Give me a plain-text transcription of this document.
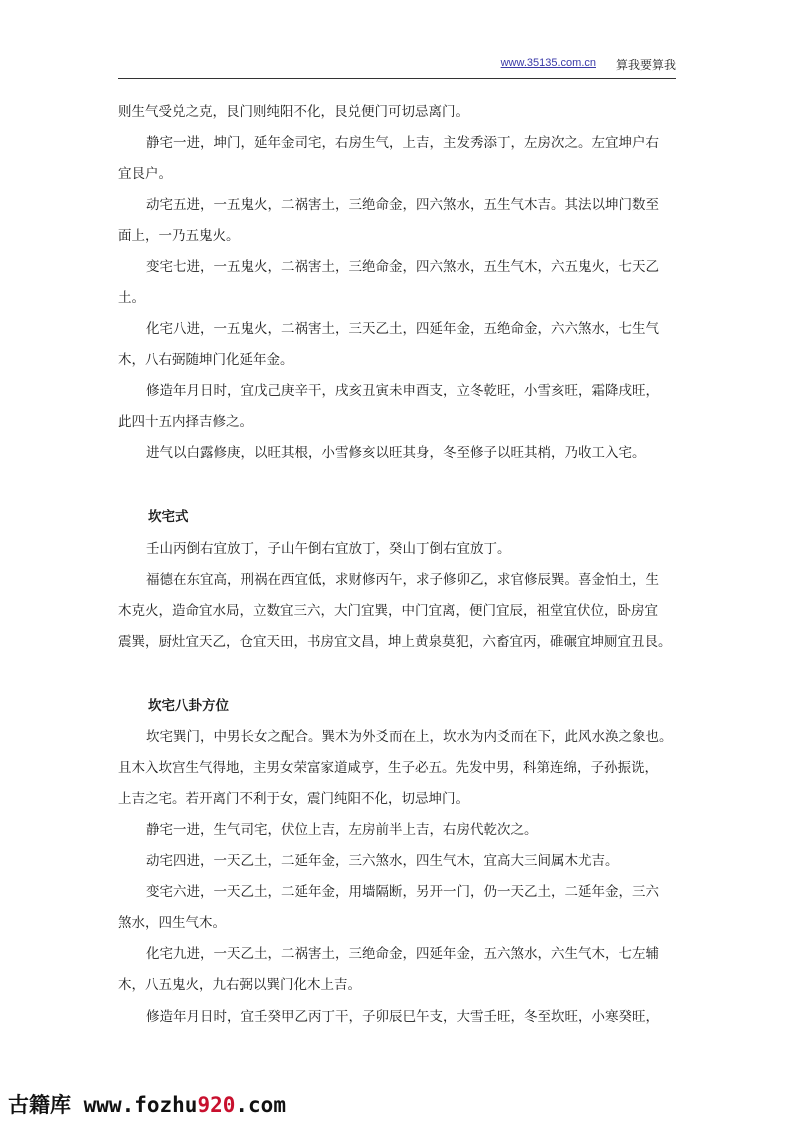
www.35135.com.cn 算我要算我
则生气受兑之克，艮门则纯阳不化，艮兑便门可切忌离门。
静宅一进，坤门，延年金司宅，右房生气，上吉，主发秀添丁，左房次之。左宜坤户右
宜艮户。
动宅五进，一五鬼火，二祸害土，三绝命金，四六煞水，五生气木吉。其法以坤门数至
面上，一乃五鬼火。
变宅七进，一五鬼火，二祸害土，三绝命金，四六煞水，五生气木，六五鬼火，七天乙
土。
化宅八进，一五鬼火，二祸害土，三天乙土，四延年金，五绝命金，六六煞水，七生气
木，八右弼随坤门化延年金。
修造年月日时，宜戊己庚辛干，戌亥丑寅未申酉支，立冬乾旺，小雪亥旺，霜降戌旺，
此四十五内择吉修之。
进气以白露修庚，以旺其根，小雪修亥以旺其身，冬至修子以旺其梢，乃收工入宅。
坎宅式
壬山丙倒右宜放丁，子山午倒右宜放丁，癸山丁倒右宜放丁。
福德在东宜高，刑祸在西宜低，求财修丙午，求子修卯乙，求官修辰巽。喜金怕土，生
木克火，造命宜水局，立数宜三六，大门宜巽，中门宜离，便门宜辰，祖堂宜伏位，卧房宜
震巽，厨灶宜天乙，仓宜天田，书房宜文昌，坤上黄泉莫犯，六畜宜丙，碓碾宜坤厕宜丑艮。
坎宅八卦方位
坎宅巽门，中男长女之配合。巽木为外爻而在上，坎水为内爻而在下，此风水涣之象也。
且木入坎宫生气得地，主男女荣富家道咸亨，生子必五。先发中男，科第连绵，子孙振诜，
上吉之宅。若开离门不利于女，震门纯阳不化，切忌坤门。
静宅一进，生气司宅，伏位上吉，左房前半上吉，右房代乾次之。
动宅四进，一天乙土，二延年金，三六煞水，四生气木，宜高大三间属木尤吉。
变宅六进，一天乙土，二延年金，用墙隔断，另开一门，仍一天乙土，二延年金，三六
煞水，四生气木。
化宅九进，一天乙土，二祸害土，三绝命金，四延年金，五六煞水，六生气木，七左辅
木，八五鬼火，九右弼以巽门化木上吉。
修造年月日时，宜壬癸甲乙丙丁干，子卯辰巳午支，大雪壬旺，冬至坎旺，小寒癸旺，
古籍库 www.fozhu920.com
